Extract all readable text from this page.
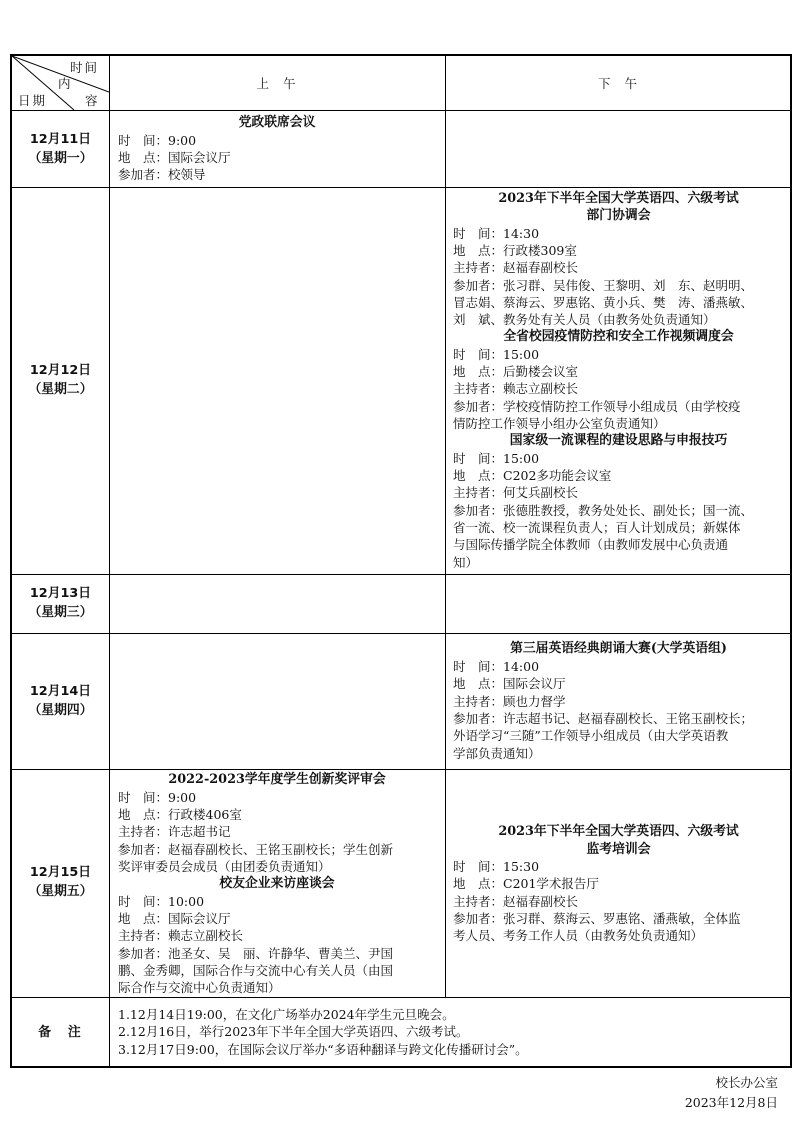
时间
内
容
日期
上  午	下  午
12月11日
（星期一）
党政联席会议
时　间：9:00
地　点：国际会议厅
参加者：校领导
12月12日
（星期二）
2023年下半年全国大学英语四、六级考试
部门协调会
时　间：14:30
地　点：行政楼309室
主持者：赵福春副校长
参加者：张习群、吴伟俊、王黎明、刘　东、赵明明、
冒志娟、蔡海云、罗惠铭、黄小兵、樊　涛、潘燕敏、
刘　斌、教务处有关人员（由教务处负责通知）
全省校园疫情防控和安全工作视频调度会
时　间：15:00
地　点：后勤楼会议室
主持者：赖志立副校长
参加者：学校疫情防控工作领导小组成员（由学校疫
情防控工作领导小组办公室负责通知）
国家级一流课程的建设思路与申报技巧
时　间：15:00
地　点：C202多功能会议室
主持者：何艾兵副校长
参加者：张德胜教授，教务处处长、副处长；国一流、
省一流、校一流课程负责人；百人计划成员；新媒体
与国际传播学院全体教师（由教师发展中心负责通
知）
12月13日
（星期三）
12月14日
（星期四）
第三届英语经典朗诵大赛(大学英语组)
时　间：14:00
地　点：国际会议厅
主持者：顾也力督学
参加者：许志超书记、赵福春副校长、王铭玉副校长；
外语学习“三随”工作领导小组成员（由大学英语教
学部负责通知）
12月15日
（星期五）
2022-2023学年度学生创新奖评审会
时　间：9:00
地　点：行政楼406室
主持者：许志超书记
参加者：赵福春副校长、王铭玉副校长；学生创新
奖评审委员会成员（由团委负责通知）
校友企业来访座谈会
时　间：10:00
地　点：国际会议厅
主持者：赖志立副校长
参加者：池圣女、吴　丽、许静华、曹美兰、尹国
鹏、金秀卿，国际合作与交流中心有关人员（由国
际合作与交流中心负责通知）
2023年下半年全国大学英语四、六级考试
监考培训会
时　间：15:30
地　点：C201学术报告厅
主持者：赵福春副校长
参加者：张习群、蔡海云、罗惠铭、潘燕敏，全体监
考人员、考务工作人员（由教务处负责通知）
备　注
1.12月14日19:00，在文化广场举办2024年学生元旦晚会。
2.12月16日，举行2023年下半年全国大学英语四、六级考试。
3.12月17日9:00，在国际会议厅举办“多语种翻译与跨文化传播研讨会”。
校长办公室
2023年12月8日
